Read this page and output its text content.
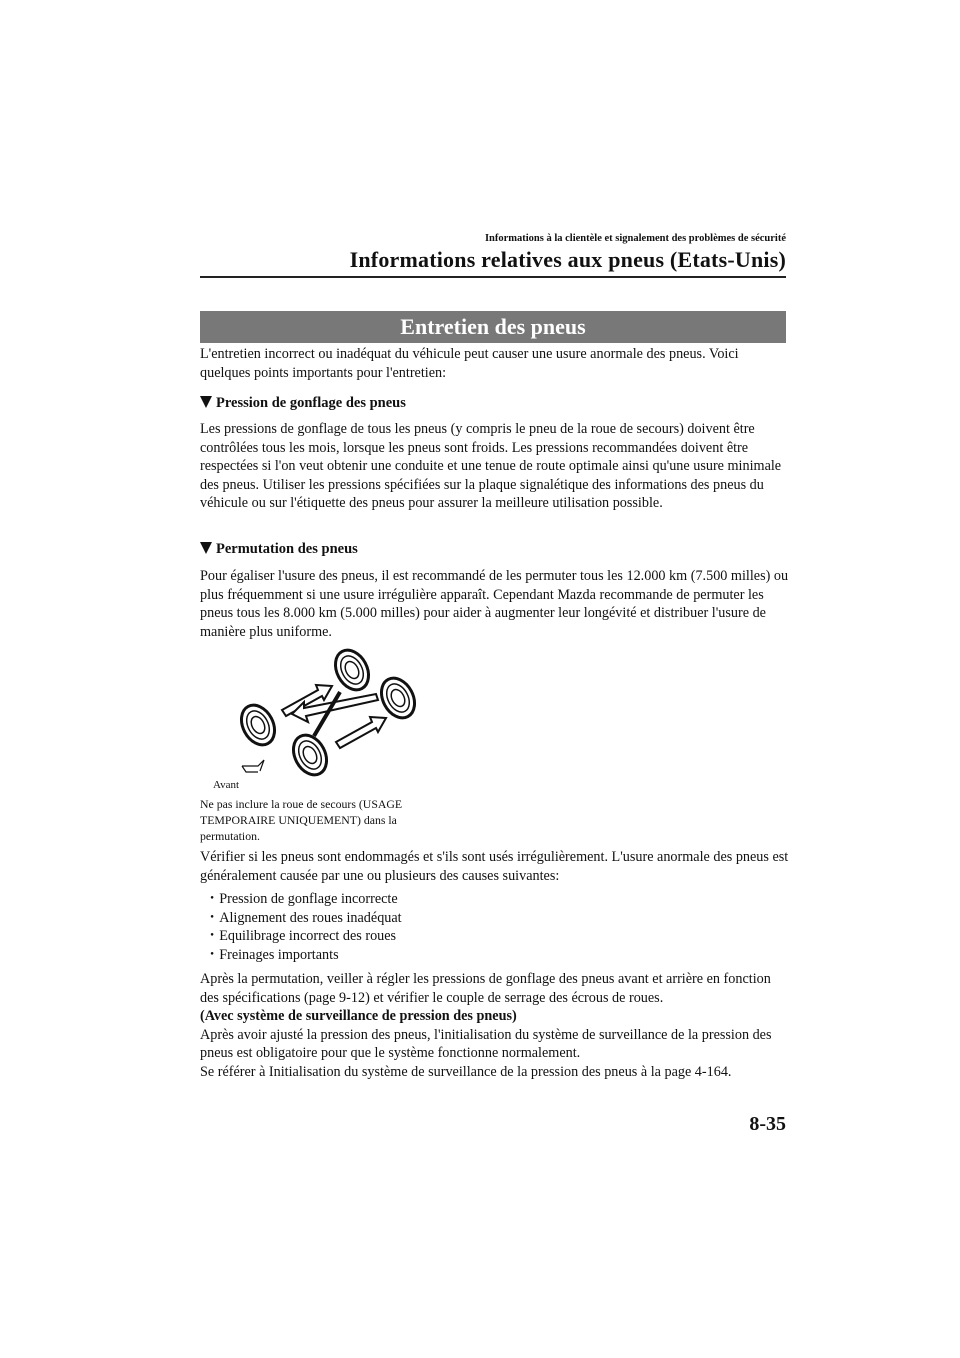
Informations à la clientèle et signalement des problèmes de sécurité
Informations relatives aux pneus (Etats-Unis)
Entretien des pneus
L'entretien incorrect ou inadéquat du véhicule peut causer une usure anormale des pneus. Voici quelques points importants pour l'entretien:
Pression de gonflage des pneus
Les pressions de gonflage de tous les pneus (y compris le pneu de la roue de secours) doivent être contrôlées tous les mois, lorsque les pneus sont froids. Les pressions recommandées doivent être respectées si l'on veut obtenir une conduite et une tenue de route optimale ainsi qu'une usure minimale des pneus. Utiliser les pressions spécifiées sur la plaque signalétique des informations des pneus du véhicule ou sur l'étiquette des pneus pour assurer la meilleure utilisation possible.
Permutation des pneus
Pour égaliser l'usure des pneus, il est recommandé de les permuter tous les 12.000 km (7.500 milles) ou plus fréquemment si une usure irrégulière apparaît. Cependant Mazda recommande de permuter les pneus tous les 8.000 km (5.000 milles) pour aider à augmenter leur longévité et distribuer l'usure de manière plus uniforme.
Avant
Ne pas inclure la roue de secours (USAGE TEMPORAIRE UNIQUEMENT) dans la permutation.
Vérifier si les pneus sont endommagés et s'ils sont usés irrégulièrement. L'usure anormale des pneus est généralement causée par une ou plusieurs des causes suivantes:
・ Pression de gonflage incorrecte
・ Alignement des roues inadéquat
・ Equilibrage incorrect des roues
・ Freinages importants
Après la permutation, veiller à régler les pressions de gonflage des pneus avant et arrière en fonction des spécifications (page 9-12) et vérifier le couple de serrage des écrous de roues.
(Avec système de surveillance de pression des pneus)
Après avoir ajusté la pression des pneus, l'initialisation du système de surveillance de la pression des pneus est obligatoire pour que le système fonctionne normalement.
Se référer à Initialisation du système de surveillance de la pression des pneus à la page 4-164.
8-35
